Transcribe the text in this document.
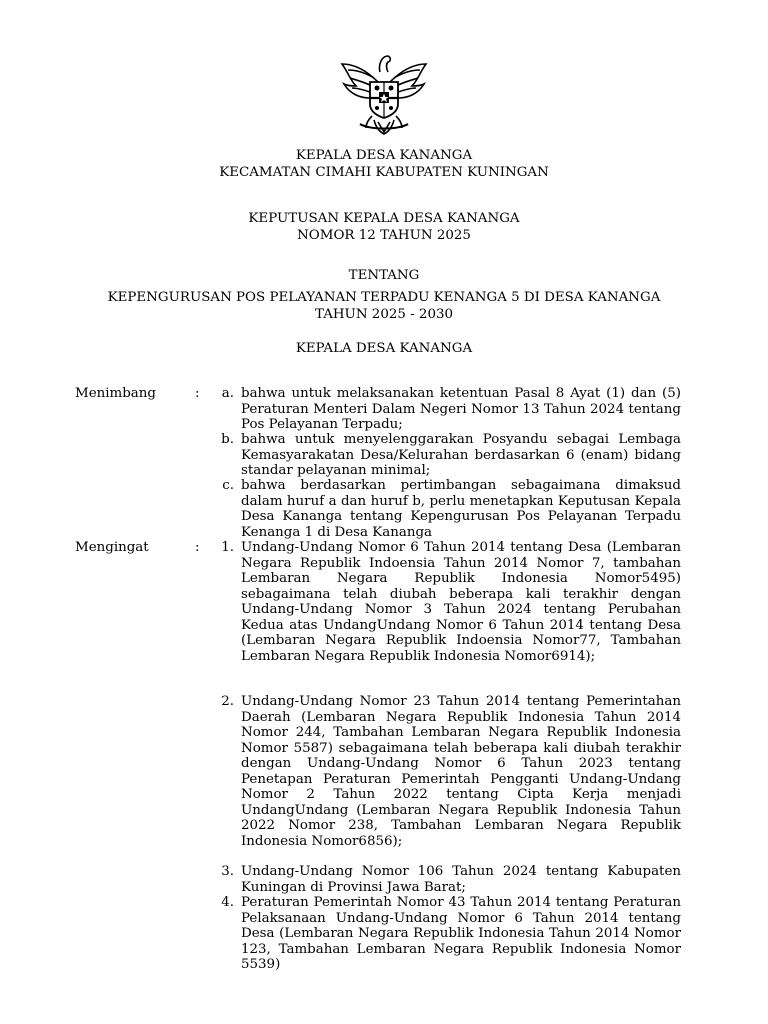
KEPALA DESA KANANGA
KECAMATAN CIMAHI KABUPATEN KUNINGAN
KEPUTUSAN KEPALA DESA KANANGA
NOMOR 12 TAHUN 2025
TENTANG
KEPENGURUSAN POS PELAYANAN TERPADU KENANGA 5 DI DESA KANANGA
TAHUN 2025 - 2030
KEPALA DESA KANANGA
Menimbang	:	a. bahwa untuk melaksanakan ketentuan Pasal 8 Ayat (1) dan (5) Peraturan Menteri Dalam Negeri Nomor 13 Tahun 2024 tentang Pos Pelayanan Terpadu;
b. bahwa untuk menyelenggarakan Posyandu sebagai Lembaga Kemasyarakatan Desa/Kelurahan berdasarkan 6 (enam) bidang standar pelayanan minimal;
c. bahwa berdasarkan pertimbangan sebagaimana dimaksud dalam huruf a dan huruf b, perlu menetapkan Keputusan Kepala Desa Kananga tentang Kepengurusan Pos Pelayanan Terpadu Kenanga 1 di Desa Kananga
Mengingat	:	1. Undang-Undang Nomor 6 Tahun 2014 tentang Desa (Lembaran Negara Republik Indoensia Tahun 2014 Nomor 7, tambahan Lembaran Negara Republik Indonesia Nomor5495) sebagaimana telah diubah beberapa kali terakhir dengan Undang-Undang Nomor 3 Tahun 2024 tentang Perubahan Kedua atas UndangUndang Nomor 6 Tahun 2014 tentang Desa (Lembaran Negara Republik Indoensia Nomor77, Tambahan Lembaran Negara Republik Indonesia Nomor6914);
2. Undang-Undang Nomor 23 Tahun 2014 tentang Pemerintahan Daerah (Lembaran Negara Republik Indonesia Tahun 2014 Nomor 244, Tambahan Lembaran Negara Republik Indonesia Nomor 5587) sebagaimana telah beberapa kali diubah terakhir dengan Undang-Undang Nomor 6 Tahun 2023 tentang Penetapan Peraturan Pemerintah Pengganti Undang-Undang Nomor 2 Tahun 2022 tentang Cipta Kerja menjadi UndangUndang (Lembaran Negara Republik Indonesia Tahun 2022 Nomor 238, Tambahan Lembaran Negara Republik Indonesia Nomor6856);
3. Undang-Undang Nomor 106 Tahun 2024 tentang Kabupaten Kuningan di Provinsi Jawa Barat;
4. Peraturan Pemerintah Nomor 43 Tahun 2014 tentang Peraturan Pelaksanaan Undang-Undang Nomor 6 Tahun 2014 tentang Desa (Lembaran Negara Republik Indonesia Tahun 2014 Nomor 123, Tambahan Lembaran Negara Republik Indonesia Nomor 5539)
